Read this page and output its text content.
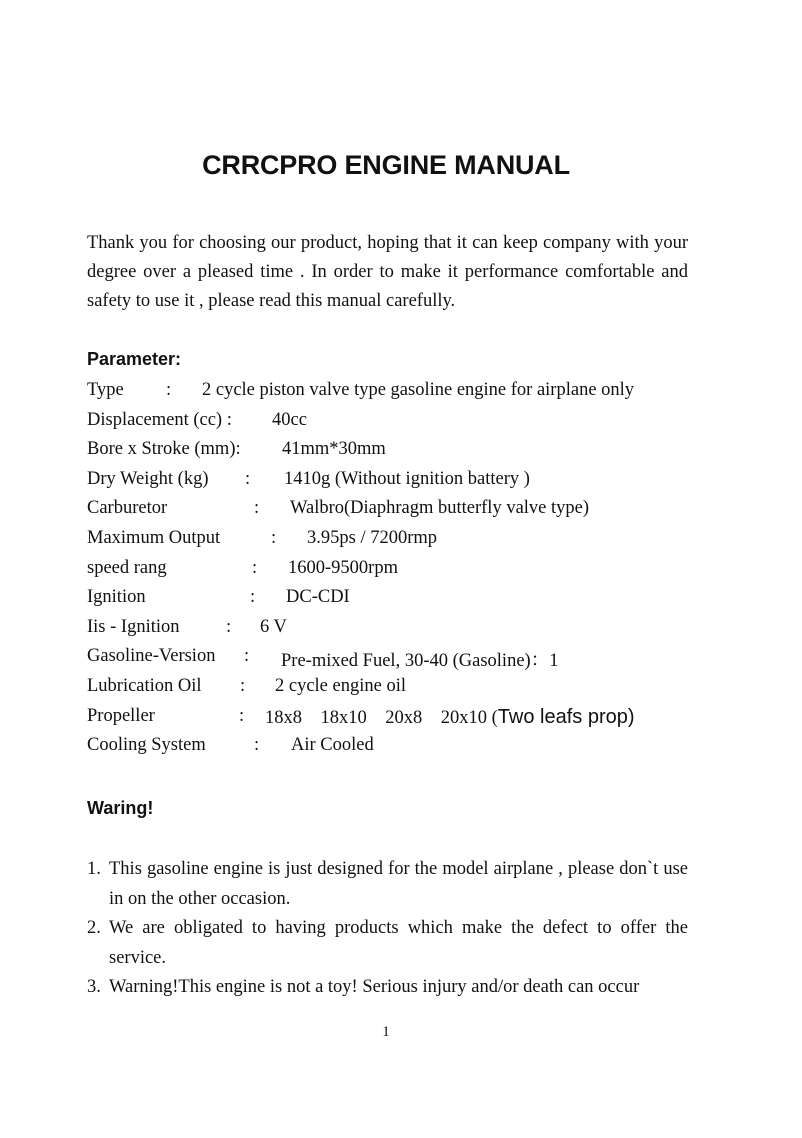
CRRCPRO ENGINE MANUAL
Thank you for choosing our product, hoping that it can keep company with your degree over a pleased time . In order to make it performance comfortable and safety to use it , please read this manual carefully.
Parameter:
Type : 2 cycle piston valve type gasoline engine for airplane only
Displacement (cc) : 40cc
Bore x Stroke (mm): 41mm*30mm
Dry Weight (kg) : 1410g (Without ignition battery )
Carburetor	: Walbro(Diaphragm butterfly valve type)
Maximum Output	: 3.95ps / 7200rmp
speed rang	: 1600-9500rpm
Ignition	: DC-CDI
Iis - Ignition	: 6 V
Gasoline-Version : Pre-mixed Fuel, 30-40 (Gasoline)：1
Lubrication Oil : 2 cycle engine oil
Propeller	: 18x8    18x10    20x8    20x10 (Two leafs prop)
Cooling System	: Air Cooled
Waring!
1. This gasoline engine is just designed for the model airplane , please don`t use in on the other occasion.
2. We are obligated to having products which make the defect to offer the service.
3. Warning!This engine is not a toy! Serious injury and/or death can occur
1
